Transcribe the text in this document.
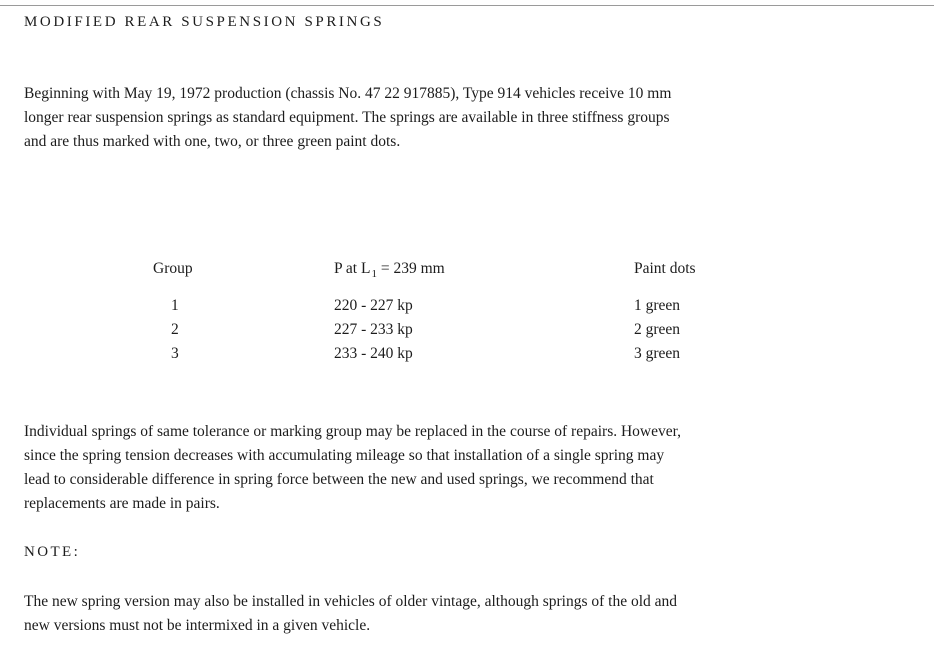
MODIFIED REAR SUSPENSION SPRINGS
Beginning with May 19, 1972 production (chassis No. 47 22 917885), Type 914 vehicles receive 10 mm
longer rear suspension springs as standard equipment. The springs are available in three stiffness groups
and are thus marked with one, two, or three green paint dots.
Group	P at $L_1 = 239$ mm	Paint dots
1	220 - 227 kp	1 green
2	227 - 233 kp	2 green
3	233 - 240 kp	3 green
Individual springs of same tolerance or marking group may be replaced in the course of repairs. However,
since the spring tension decreases with accumulating mileage so that installation of a single spring may
lead to considerable difference in spring force between the new and used springs, we recommend that
replacements are made in pairs.
NOTE:
The new spring version may also be installed in vehicles of older vintage, although springs of the old and
new versions must not be intermixed in a given vehicle.
